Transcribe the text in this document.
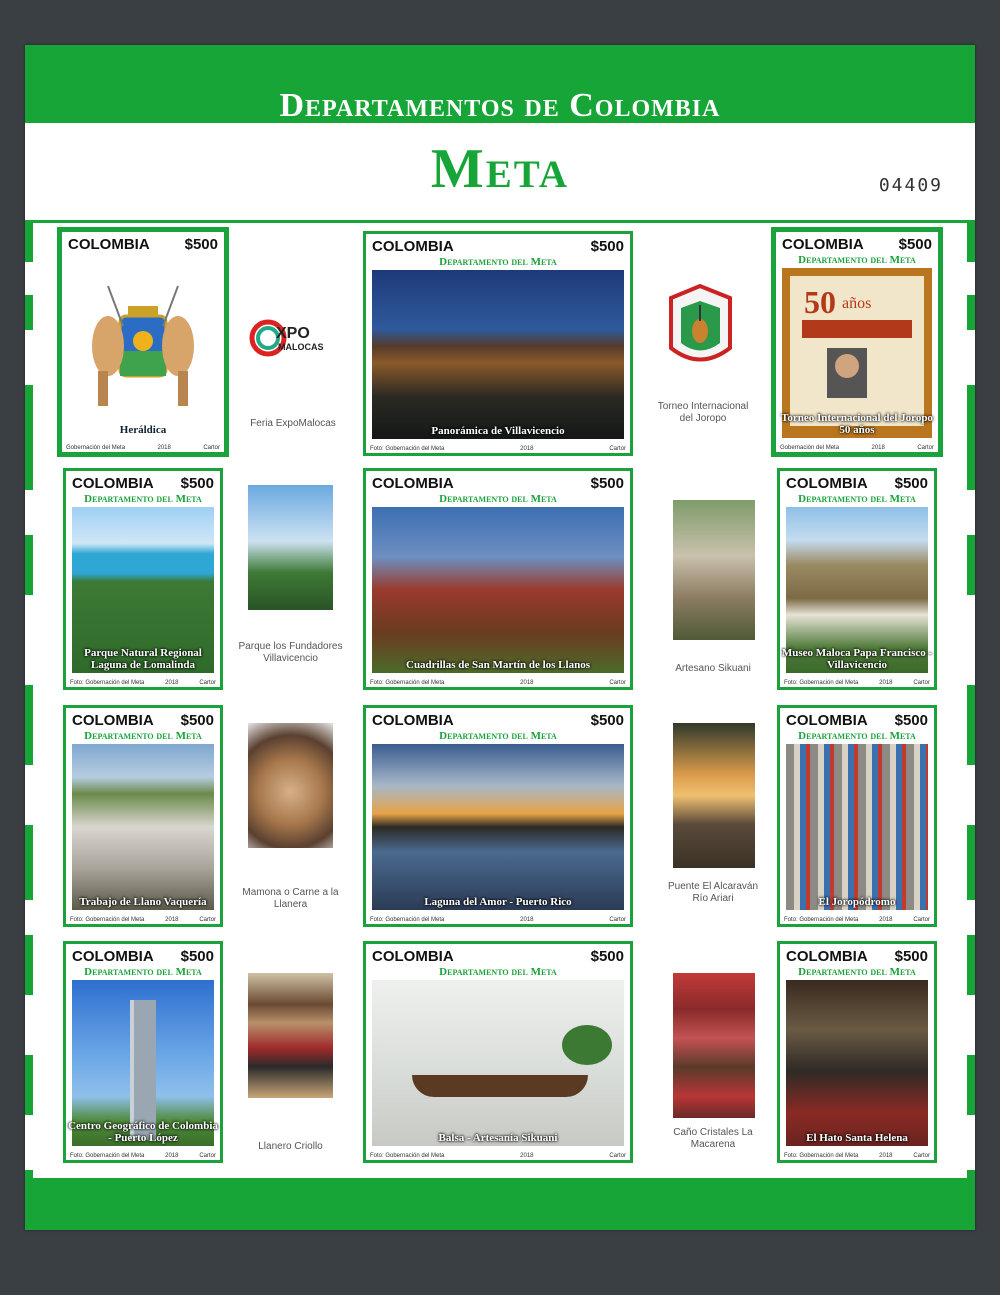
Departamentos de Colombia
Meta	04409
COLOMBIA $500
Heráldica
Gobernación del Meta	2018	Cartor
XPO
MALOCAS
Feria ExpoMalocas
COLOMBIA	$500
Departamento del Meta
Panorámica de Villavicencio
Foto: Gobernación del Meta	2018	Cartor
Torneo Internacional del Joropo
COLOMBIA $500
Departamento del Meta
50 años
Torneo Internacional del Joropo 50 años
Gobernación del Meta	2018	Cartor
COLOMBIA $500
Departamento del Meta
Parque Natural Regional Laguna de Lomalinda
Foto: Gobernación del Meta	2018	Cartor
Parque los Fundadores Villavicencio
COLOMBIA	$500
Departamento del Meta
Cuadrillas de San Martín de los Llanos
Foto: Gobernación del Meta	2018	Cartor
Artesano Sikuani
COLOMBIA $500
Departamento del Meta
Museo Maloca Papa Francisco - Villavicencio
Foto: Gobernación del Meta	2018	Cartor
COLOMBIA $500
Departamento del Meta
Trabajo de Llano Vaquería
Foto: Gobernación del Meta	2018	Cartor
Mamona o Carne a la Llanera
COLOMBIA	$500
Departamento del Meta
Laguna del Amor - Puerto Rico
Foto: Gobernación del Meta	2018	Cartor
Puente El Alcaraván Río Ariari
COLOMBIA $500
Departamento del Meta
El Joropódromo
Foto: Gobernación del Meta	2018	Cartor
COLOMBIA $500
Departamento del Meta
Centro Geográfico de Colombia - Puerto López
Foto: Gobernación del Meta	2018	Cartor
Llanero Criollo
COLOMBIA	$500
Departamento del Meta
Balsa - Artesanía Sikuani
Foto: Gobernación del Meta	2018	Cartor
Caño Cristales La Macarena
COLOMBIA $500
Departamento del Meta
El Hato Santa Helena
Foto: Gobernación del Meta	2018	Cartor
